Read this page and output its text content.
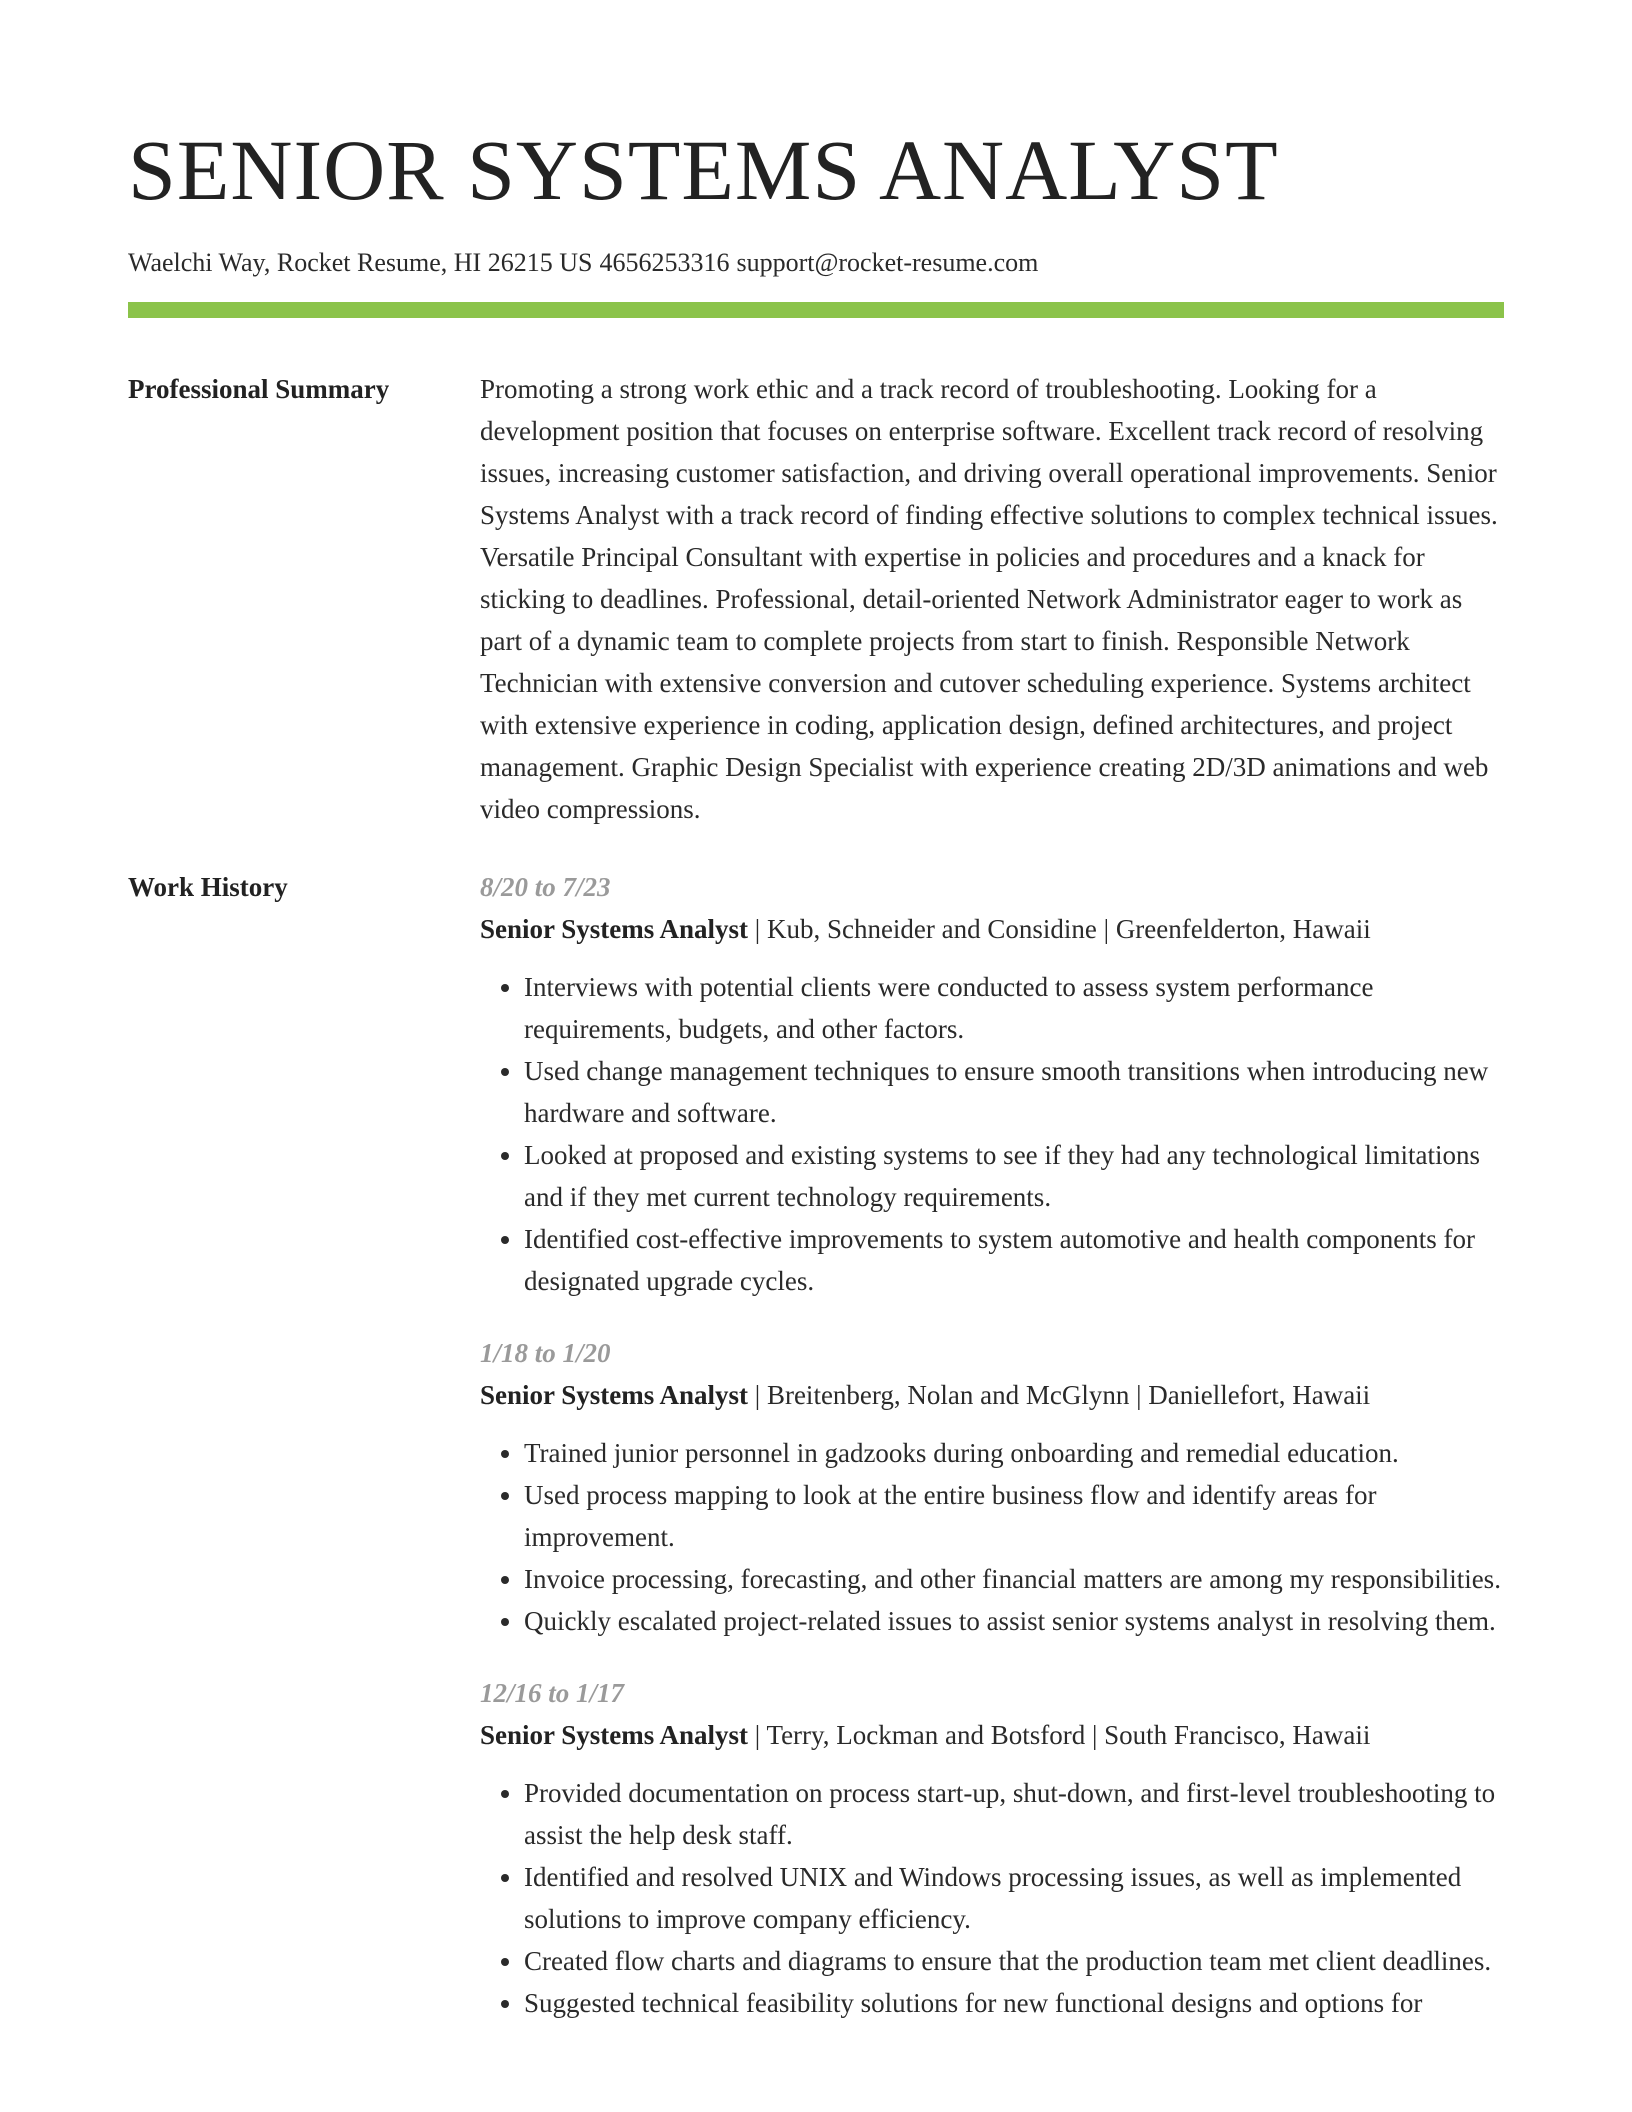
SENIOR SYSTEMS ANALYST
Waelchi Way, Rocket Resume, HI 26215 US 4656253316 support@rocket-resume.com
Professional Summary	Promoting a strong work ethic and a track record of troubleshooting. Looking for a development position that focuses on enterprise software. Excellent track record of resolving issues, increasing customer satisfaction, and driving overall operational improvements. Senior Systems Analyst with a track record of finding effective solutions to complex technical issues. Versatile Principal Consultant with expertise in policies and procedures and a knack for sticking to deadlines. Professional, detail-oriented Network Administrator eager to work as part of a dynamic team to complete projects from start to finish. Responsible Network Technician with extensive conversion and cutover scheduling experience. Systems architect with extensive experience in coding, application design, defined architectures, and project management. Graphic Design Specialist with experience creating 2D/3D animations and web video compressions.

Work History	8/20 to 7/23
Senior Systems Analyst | Kub, Schneider and Considine | Greenfelderton, Hawaii
• Interviews with potential clients were conducted to assess system performance requirements, budgets, and other factors.
• Used change management techniques to ensure smooth transitions when introducing new hardware and software.
• Looked at proposed and existing systems to see if they had any technological limitations and if they met current technology requirements.
• Identified cost-effective improvements to system automotive and health components for designated upgrade cycles.
1/18 to 1/20
Senior Systems Analyst | Breitenberg, Nolan and McGlynn | Daniellefort, Hawaii
• Trained junior personnel in gadzooks during onboarding and remedial education.
• Used process mapping to look at the entire business flow and identify areas for improvement.
• Invoice processing, forecasting, and other financial matters are among my responsibilities.
• Quickly escalated project-related issues to assist senior systems analyst in resolving them.
12/16 to 1/17
Senior Systems Analyst | Terry, Lockman and Botsford | South Francisco, Hawaii
• Provided documentation on process start-up, shut-down, and first-level troubleshooting to assist the help desk staff.
• Identified and resolved UNIX and Windows processing issues, as well as implemented solutions to improve company efficiency.
• Created flow charts and diagrams to ensure that the production team met client deadlines.
• Suggested technical feasibility solutions for new functional designs and options for
